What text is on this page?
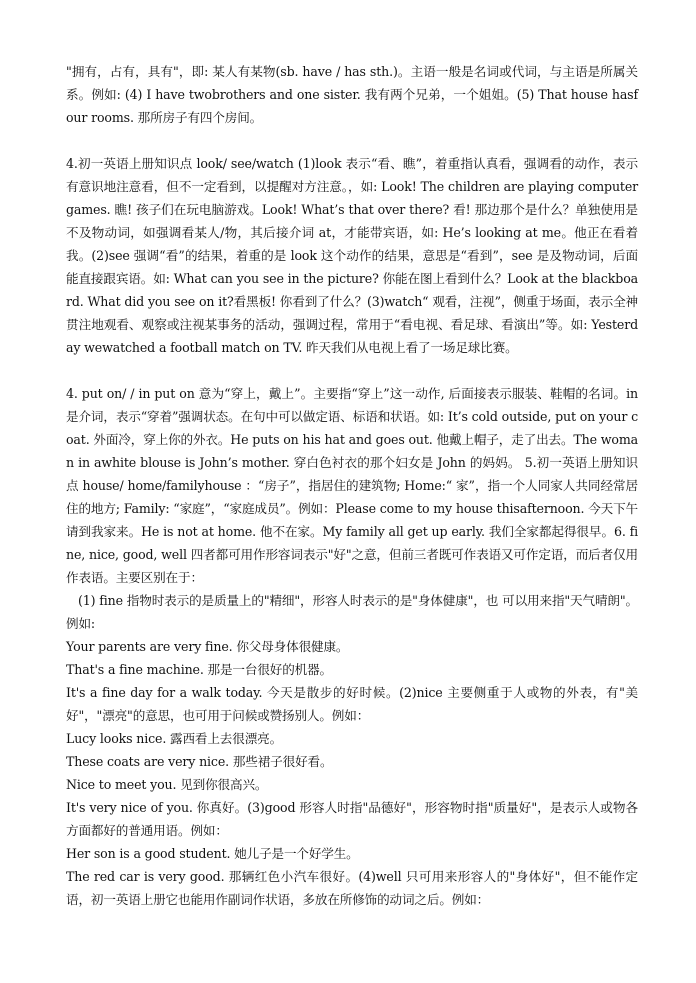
"拥有，占有，具有"，即: 某人有某物(sb. have / has sth.)。主语一般是名词或代词，与主语是所属关系。例如: (4) I have twobrothers and one sister. 我有两个兄弟，一个姐姐。(5) That house hasfour rooms. 那所房子有四个房间。

4.初一英语上册知识点 look/ see/watch (1)look 表示“看、瞧”，着重指认真看，强调看的动作，表示有意识地注意看，但不一定看到，以提醒对方注意。，如: Look! The children are playing computer games. 瞧! 孩子们在玩电脑游戏。Look! What’s that over there? 看! 那边那个是什么？单独使用是不及物动词，如强调看某人/物，其后接介词 at，才能带宾语，如: He’s looking at me。他正在看着我。(2)see 强调“看”的结果，着重的是 look 这个动作的结果，意思是“看到”，see 是及物动词，后面能直接跟宾语。如: What can you see in the picture? 你能在图上看到什么？Look at the blackboard. What did you see on it?看黑板! 你看到了什么？(3)watch“ 观看，注视”，侧重于场面，表示全神贯注地观看、观察或注视某事务的活动，强调过程，常用于“看电视、看足球、看演出”等。如: Yesterday wewatched a football match on TV. 昨天我们从电视上看了一场足球比赛。

4. put on/ / in put on 意为“穿上，戴上”。主要指“穿上”这一动作, 后面接表示服装、鞋帽的名词。in 是介词，表示“穿着”强调状态。在句中可以做定语、标语和状语。如: It’s cold outside, put on your coat. 外面冷，穿上你的外衣。He puts on his hat and goes out. 他戴上帽子，走了出去。The woman in awhite blouse is John’s mother. 穿白色衬衣的那个妇女是 John 的妈妈。 5.初一英语上册知识点 house/ home/familyhouse ：“房子”，指居住的建筑物; Home:“ 家”，指一个人同家人共同经常居住的地方; Family: “家庭”，“家庭成员”。例如：Please come to my house thisafternoon. 今天下午请到我家来。He is not at home. 他不在家。My family all get up early. 我们全家都起得很早。6. fine, nice, good, well 四者都可用作形容词表示"好"之意，但前三者既可作表语又可作定语，而后者仅用作表语。主要区别在于：

(1) fine 指物时表示的是质量上的"精细"，形容人时表示的是"身体健康"，也 可以用来指"天气晴朗"。例如:

Your parents are very fine. 你父母身体很健康。

That's a fine machine. 那是一台很好的机器。

It's a fine day for a walk today. 今天是散步的好时候。(2)nice 主要侧重于人或物的外表，有"美好"，"漂亮"的意思，也可用于问候或赞扬别人。例如：

Lucy looks nice. 露西看上去很漂亮。

These coats are very nice. 那些裙子很好看。

Nice to meet you. 见到你很高兴。

It's very nice of you. 你真好。(3)good 形容人时指"品德好"，形容物时指"质量好"，是表示人或物各方面都好的普通用语。例如：

Her son is a good student. 她儿子是一个好学生。

The red car is very good. 那辆红色小汽车很好。(4)well 只可用来形容人的"身体好"，但不能作定语，初一英语上册它也能用作副词作状语，多放在所修饰的动词之后。例如：
